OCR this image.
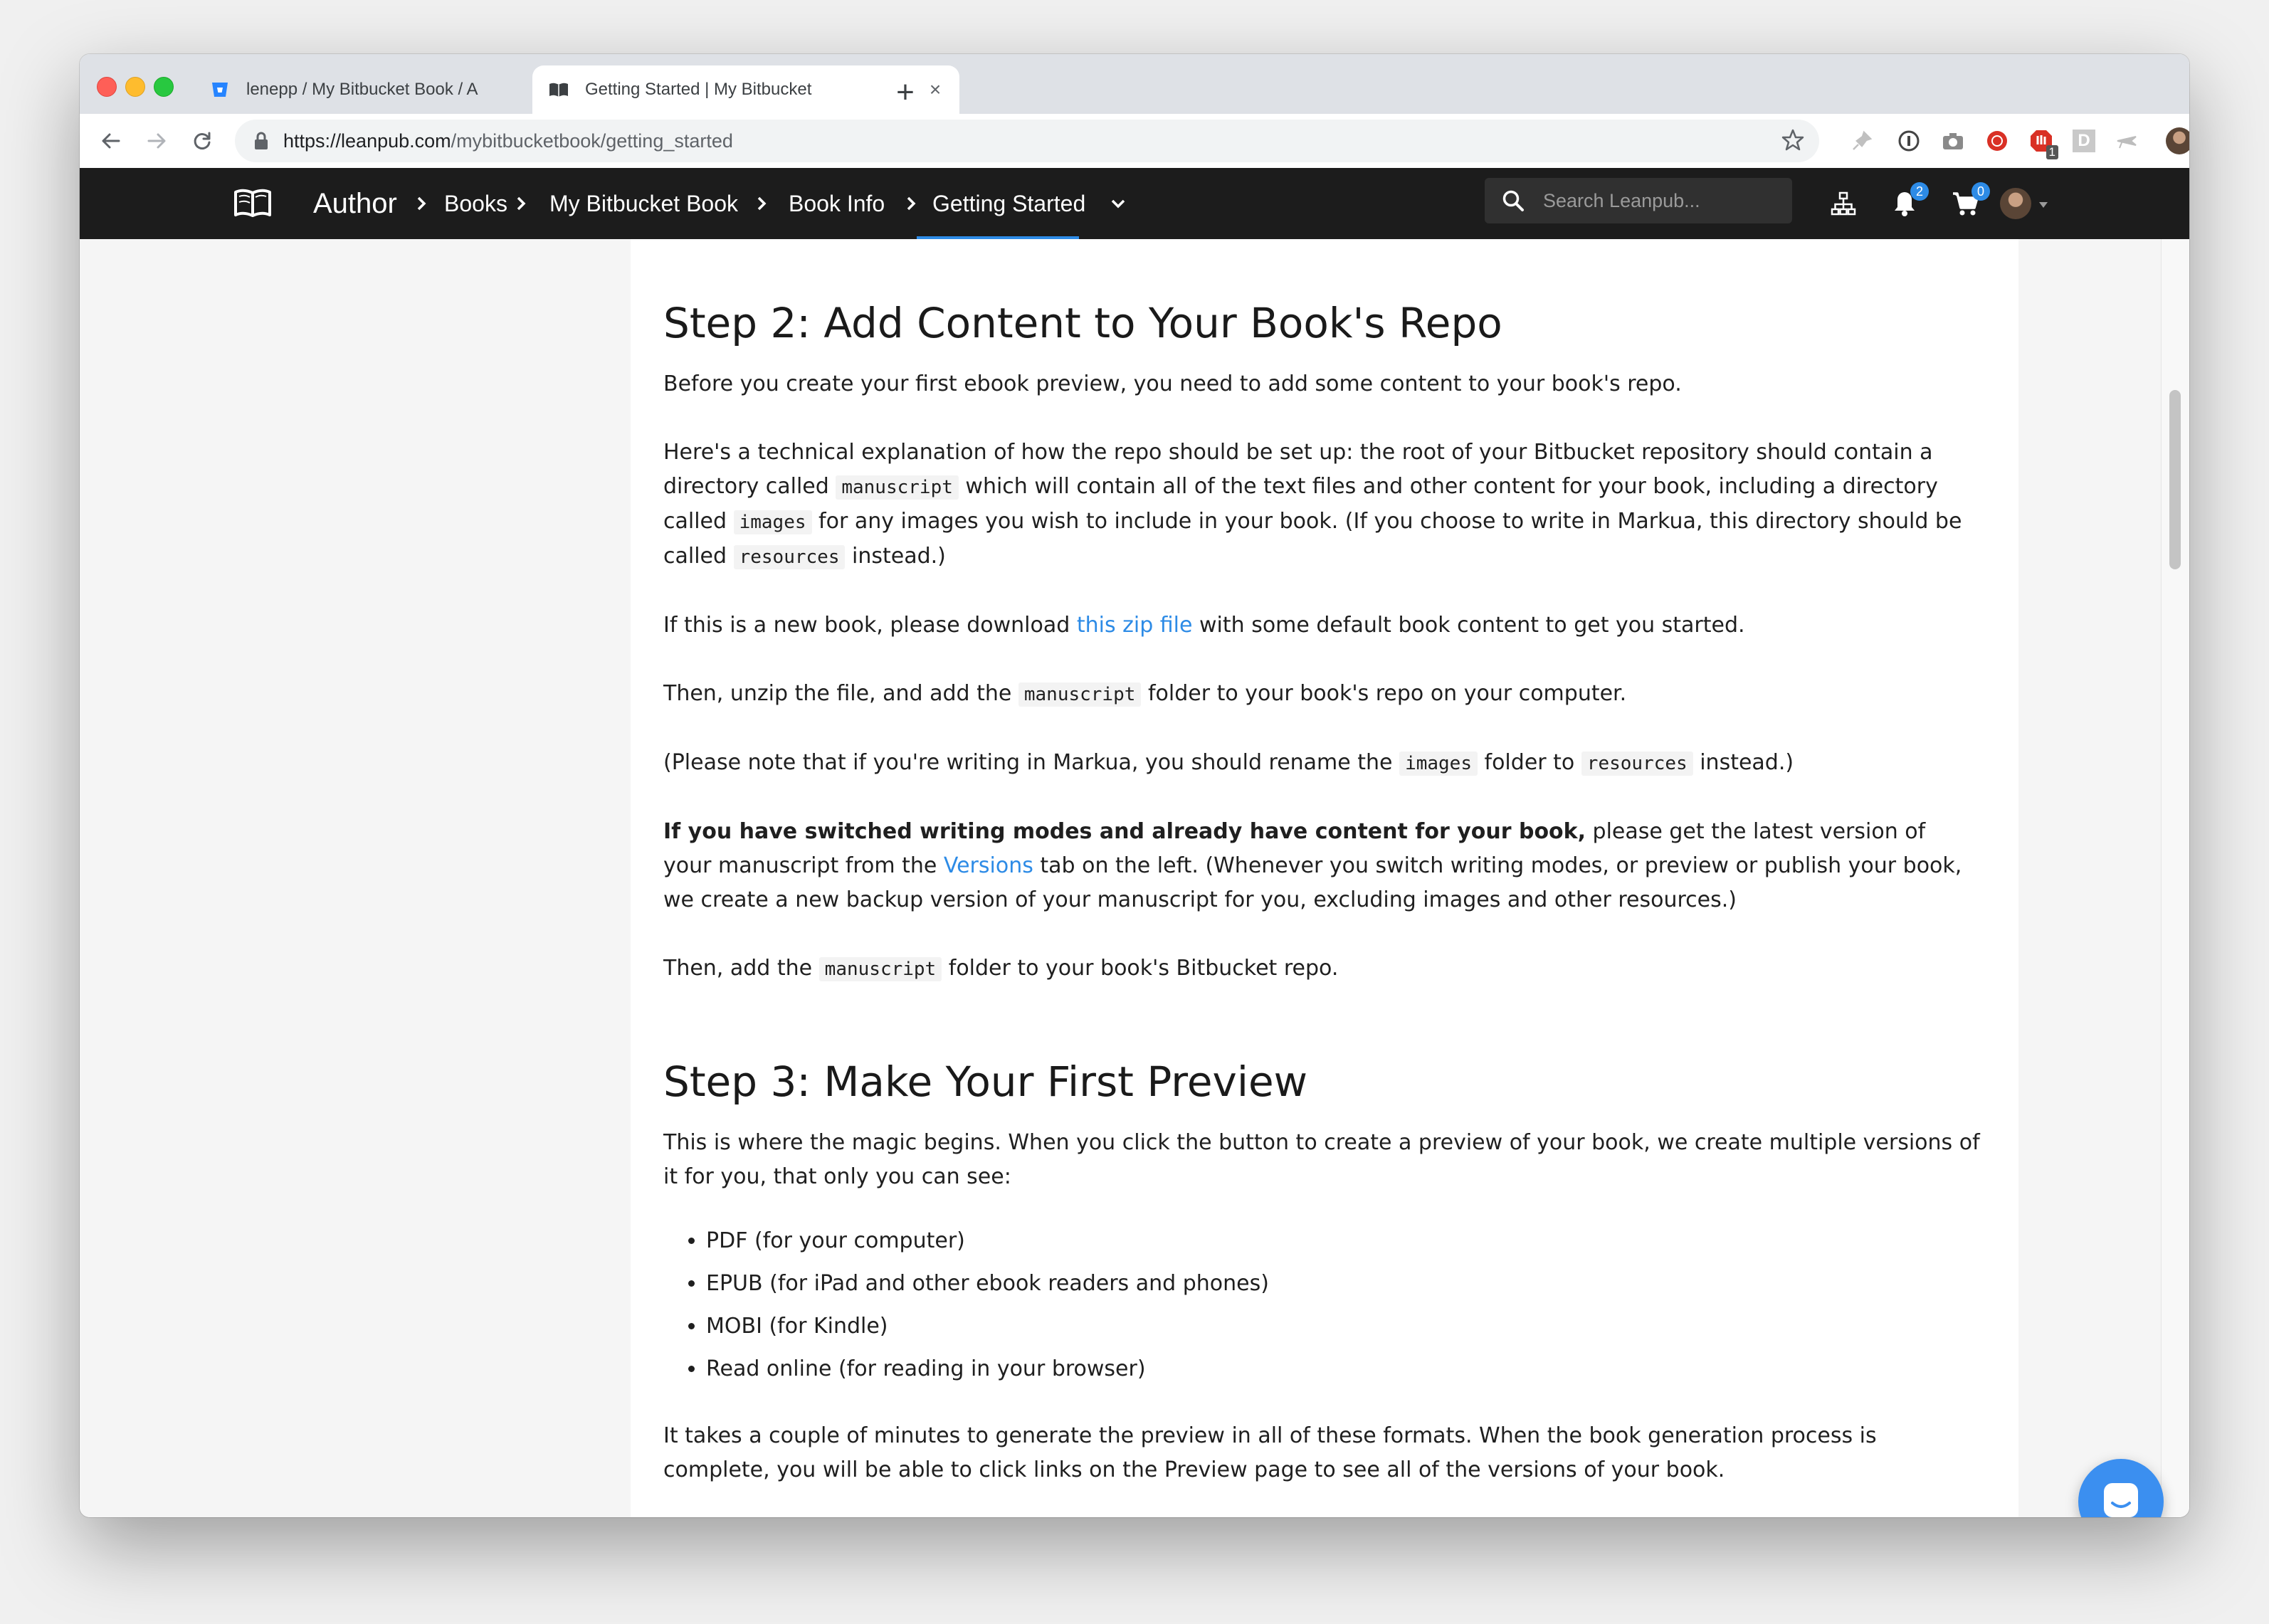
lenepp / My Bitbucket Book / A	Getting Started | My Bitbucket	×
+
https://leanpub.com/mybitbucketbook/getting_started
1
D
Author Books My Bitbucket Book Book Info Getting Started
Search Leanpub...	2	0
Step 2: Add Content to Your Book's Repo

Before you create your first ebook preview, you need to add some content to your book's repo.

Here's a technical explanation of how the repo should be set up: the root of your Bitbucket repository should contain a directory called manuscript which will contain all of the text files and other content for your book, including a directory called images for any images you wish to include in your book. (If you choose to write in Markua, this directory should be called resources instead.)

If this is a new book, please download this zip file with some default book content to get you started.

Then, unzip the file, and add the manuscript folder to your book's repo on your computer.

(Please note that if you're writing in Markua, you should rename the images folder to resources instead.)

If you have switched writing modes and already have content for your book, please get the latest version of your manuscript from the Versions tab on the left. (Whenever you switch writing modes, or preview or publish your book, we create a new backup version of your manuscript for you, excluding images and other resources.)

Then, add the manuscript folder to your book's Bitbucket repo.

Step 3: Make Your First Preview

This is where the magic begins. When you click the button to create a preview of your book, we create multiple versions of it for you, that only you can see:

• PDF (for your computer)
• EPUB (for iPad and other ebook readers and phones)
• MOBI (for Kindle)
• Read online (for reading in your browser)

It takes a couple of minutes to generate the preview in all of these formats. When the book generation process is complete, you will be able to click links on the Preview page to see all of the versions of your book.
